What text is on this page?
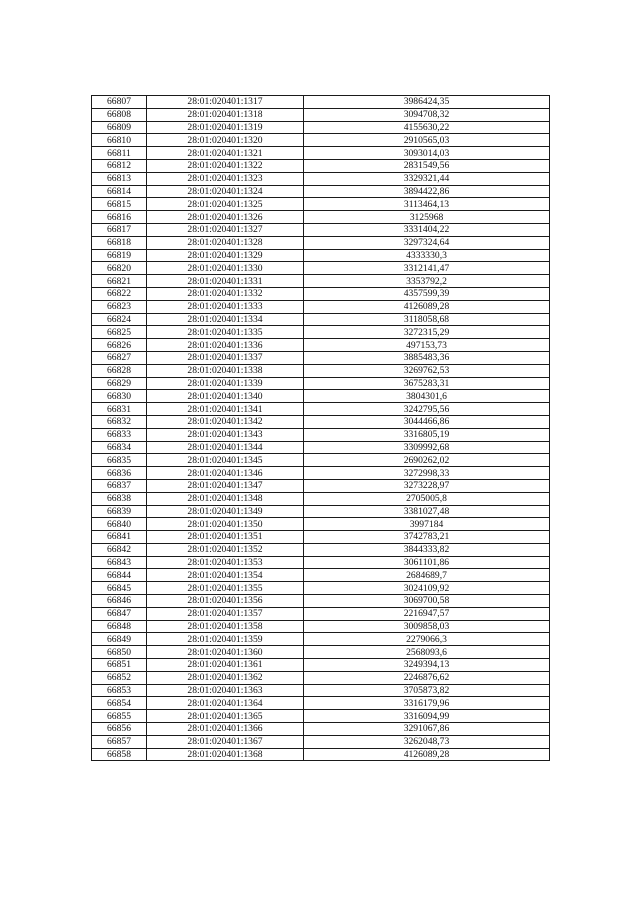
66807	28:01:020401:1317	3986424,35
66808	28:01:020401:1318	3094708,32
66809	28:01:020401:1319	4155630,22
66810	28:01:020401:1320	2910565,03
66811	28:01:020401:1321	3093014,03
66812	28:01:020401:1322	2831549,56
66813	28:01:020401:1323	3329321,44
66814	28:01:020401:1324	3894422,86
66815	28:01:020401:1325	3113464,13
66816	28:01:020401:1326	3125968
66817	28:01:020401:1327	3331404,22
66818	28:01:020401:1328	3297324,64
66819	28:01:020401:1329	4333330,3
66820	28:01:020401:1330	3312141,47
66821	28:01:020401:1331	3353792,2
66822	28:01:020401:1332	4357599,39
66823	28:01:020401:1333	4126089,28
66824	28:01:020401:1334	3118058,68
66825	28:01:020401:1335	3272315,29
66826	28:01:020401:1336	497153,73
66827	28:01:020401:1337	3885483,36
66828	28:01:020401:1338	3269762,53
66829	28:01:020401:1339	3675283,31
66830	28:01:020401:1340	3804301,6
66831	28:01:020401:1341	3242795,56
66832	28:01:020401:1342	3044466,86
66833	28:01:020401:1343	3316805,19
66834	28:01:020401:1344	3309992,68
66835	28:01:020401:1345	2690262,02
66836	28:01:020401:1346	3272998,33
66837	28:01:020401:1347	3273228,97
66838	28:01:020401:1348	2705005,8
66839	28:01:020401:1349	3381027,48
66840	28:01:020401:1350	3997184
66841	28:01:020401:1351	3742783,21
66842	28:01:020401:1352	3844333,82
66843	28:01:020401:1353	3061101,86
66844	28:01:020401:1354	2684689,7
66845	28:01:020401:1355	3024109,92
66846	28:01:020401:1356	3069700,58
66847	28:01:020401:1357	2216947,57
66848	28:01:020401:1358	3009858,03
66849	28:01:020401:1359	2279066,3
66850	28:01:020401:1360	2568093,6
66851	28:01:020401:1361	3249394,13
66852	28:01:020401:1362	2246876,62
66853	28:01:020401:1363	3705873,82
66854	28:01:020401:1364	3316179,96
66855	28:01:020401:1365	3316094,99
66856	28:01:020401:1366	3291067,86
66857	28:01:020401:1367	3262048,73
66858	28:01:020401:1368	4126089,28
